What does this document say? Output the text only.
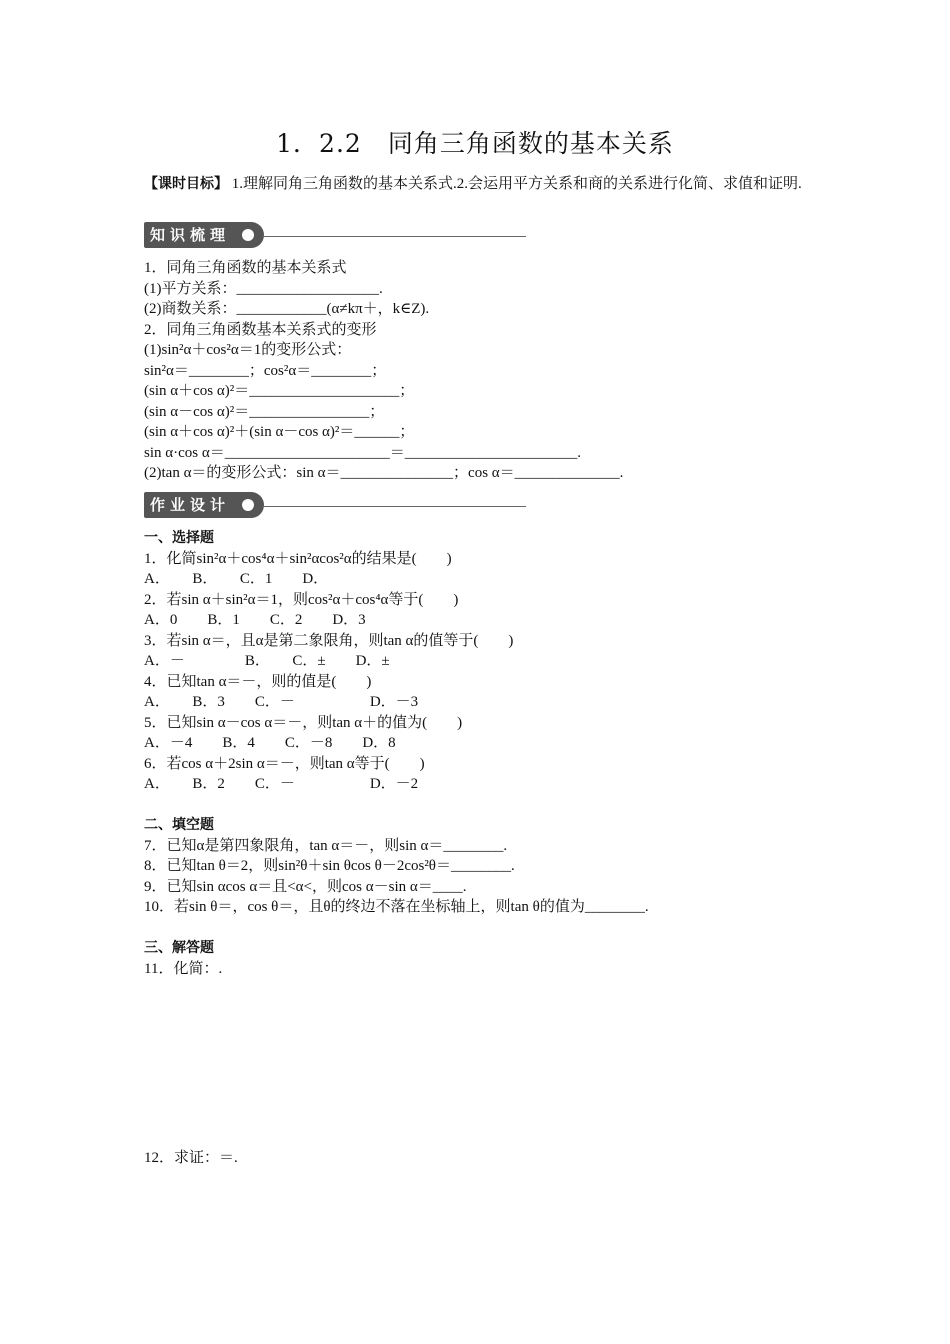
1．2.2　同角三角函数的基本关系
【课时目标】 1.理解同角三角函数的基本关系式.2.会运用平方关系和商的关系进行化简、求值和证明.
知识梳理
1．同角三角函数的基本关系式
(1)平方关系：___________________.
(2)商数关系：____________(α≠kπ＋，k∈Z).
2．同角三角函数基本关系式的变形
(1)sin²α＋cos²α＝1的变形公式：
sin²α＝________；cos²α＝________；
(sin α＋cos α)²＝____________________；
(sin α－cos α)²＝________________；
(sin α＋cos α)²＋(sin α－cos α)²＝______；
sin α·cos α＝______________________＝_______________________.
(2)tan α＝的变形公式：sin α＝_______________；cos α＝______________.
作业设计
一、选择题
1．化简sin²α＋cos⁴α＋sin²αcos²α的结果是(　　)
A．　　B．　　C．1　　D．
2．若sin α＋sin²α＝1，则cos²α＋cos⁴α等于(　　)
A．0　　B．1　　C．2　　D．3
3．若sin α＝，且α是第二象限角，则tan α的值等于(　　)
A．－　　　　B．　　C．±　　D．±
4．已知tan α＝－，则的值是(　　)
A．　　B．3　　C．－　　　　　D．－3
5．已知sin α－cos α＝－，则tan α＋的值为(　　)
A．－4　　B．4　　C．－8　　D．8
6．若cos α＋2sin α＝－，则tan α等于(　　)
A．　　B．2　　C．－　　　　　D．－2
二、填空题
7．已知α是第四象限角，tan α＝－，则sin α＝________.
8．已知tan θ＝2，则sin²θ＋sin θcos θ－2cos²θ＝________.
9．已知sin αcos α＝且<α<，则cos α－sin α＝____.
10．若sin θ＝，cos θ＝，且θ的终边不落在坐标轴上，则tan θ的值为________.
三、解答题
11．化简：.
12．求证：＝.
